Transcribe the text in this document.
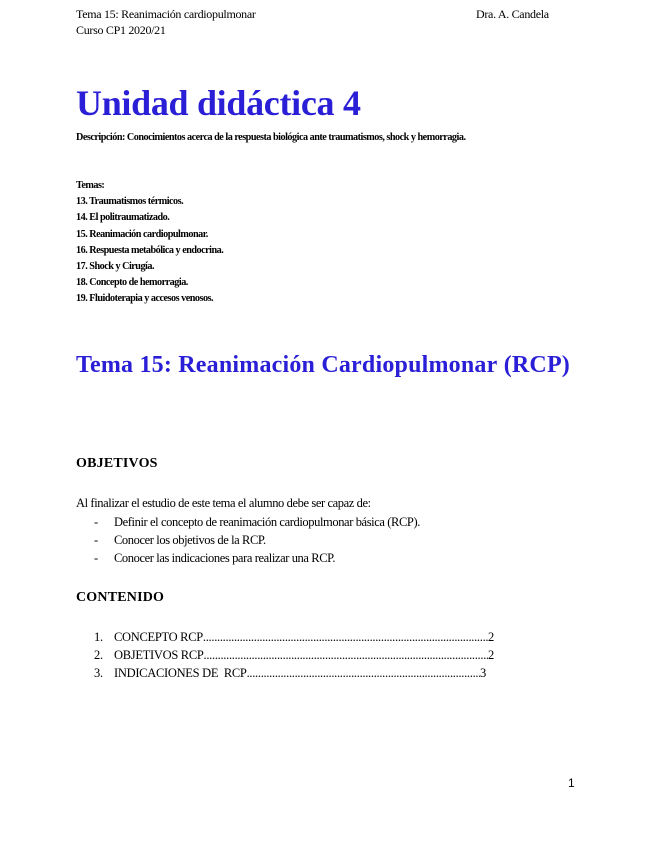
Tema 15: Reanimación cardiopulmonar
Curso CP1 2020/21
Dra. A. Candela
Unidad didáctica 4
Descripción: Conocimientos acerca de la respuesta biológica ante traumatismos, shock y hemorragia.
Temas:
13. Traumatismos térmicos.
14. El politraumatizado.
15. Reanimación cardiopulmonar.
16. Respuesta metabólica y endocrina.
17. Shock y Cirugía.
18. Concepto de hemorragia.
19. Fluidoterapia y accesos venosos.
Tema 15: Reanimación Cardiopulmonar (RCP)
OBJETIVOS
Al finalizar el estudio de este tema el alumno debe ser capaz de:
-	Definir el concepto de reanimación cardiopulmonar básica (RCP).
-	Conocer los objetivos de la RCP.
-	Conocer las indicaciones para realizar una RCP.
CONTENIDO
1. CONCEPTO RCP .....	2
2. OBJETIVOS RCP .....	2
3. INDICACIONES DE  RCP .....	3
1
